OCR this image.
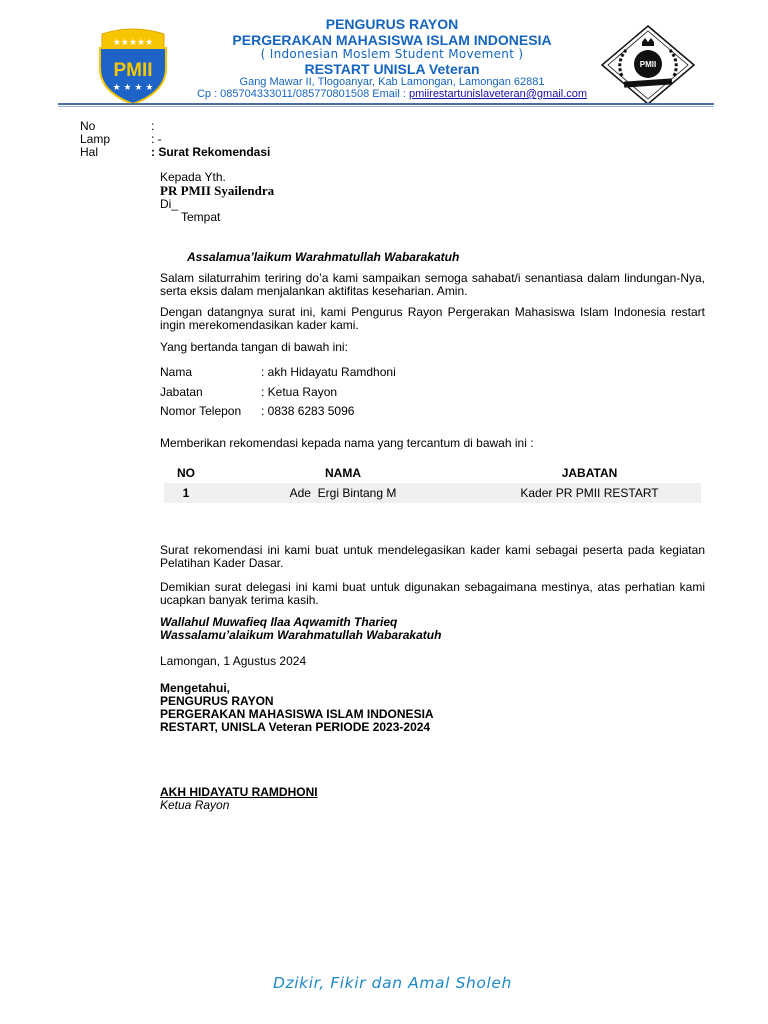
★★★★★
★ ★ ★ ★
PMII
PENGURUS RAYON
PERGERAKAN MAHASISWA ISLAM INDONESIA
( Indonesian Moslem Student Movement )
RESTART UNISLA Veteran
Gang Mawar II, Tlogoanyar, Kab Lamongan, Lamongan 62881
Cp : 085704333011/085770801508 Email : pmiirestartunislaveteran@gmail.com
PMII
No	:
Lamp	: -
Hal	: Surat Rekomendasi
Kepada Yth.
PR PMII Syailendra
Di_
Tempat
Assalamua’laikum Warahmatullah Wabarakatuh
Salam silaturrahim teriring do’a kami sampaikan semoga sahabat/i senantiasa dalam lindungan-Nya, serta eksis dalam menjalankan aktifitas keseharian. Amin.
Dengan datangnya surat ini, kami Pengurus Rayon Pergerakan Mahasiswa Islam Indonesia restart ingin merekomendasikan kader kami.
Yang bertanda tangan di bawah ini:
Nama	: akh Hidayatu Ramdhoni
Jabatan	: Ketua Rayon
Nomor Telepon : 0838 6283 5096
Memberikan rekomendasi kepada nama yang tercantum di bawah ini :
NO	NAMA	JABATAN
1	Ade  Ergi Bintang M	Kader PR PMII RESTART
Surat rekomendasi ini kami buat untuk mendelegasikan kader kami sebagai peserta pada kegiatan Pelatihan Kader Dasar.
Demikian surat delegasi ini kami buat untuk digunakan sebagaimana mestinya, atas perhatian kami ucapkan banyak terima kasih.
Wallahul Muwafieq Ilaa Aqwamith Tharieq
Wassalamu’alaikum Warahmatullah Wabarakatuh
Lamongan, 1 Agustus 2024
Mengetahui,
PENGURUS RAYON
PERGERAKAN MAHASISWA ISLAM INDONESIA
RESTART, UNISLA Veteran PERIODE 2023-2024
AKH HIDAYATU RAMDHONI
Ketua Rayon
Dzikir, Fikir dan Amal Sholeh
